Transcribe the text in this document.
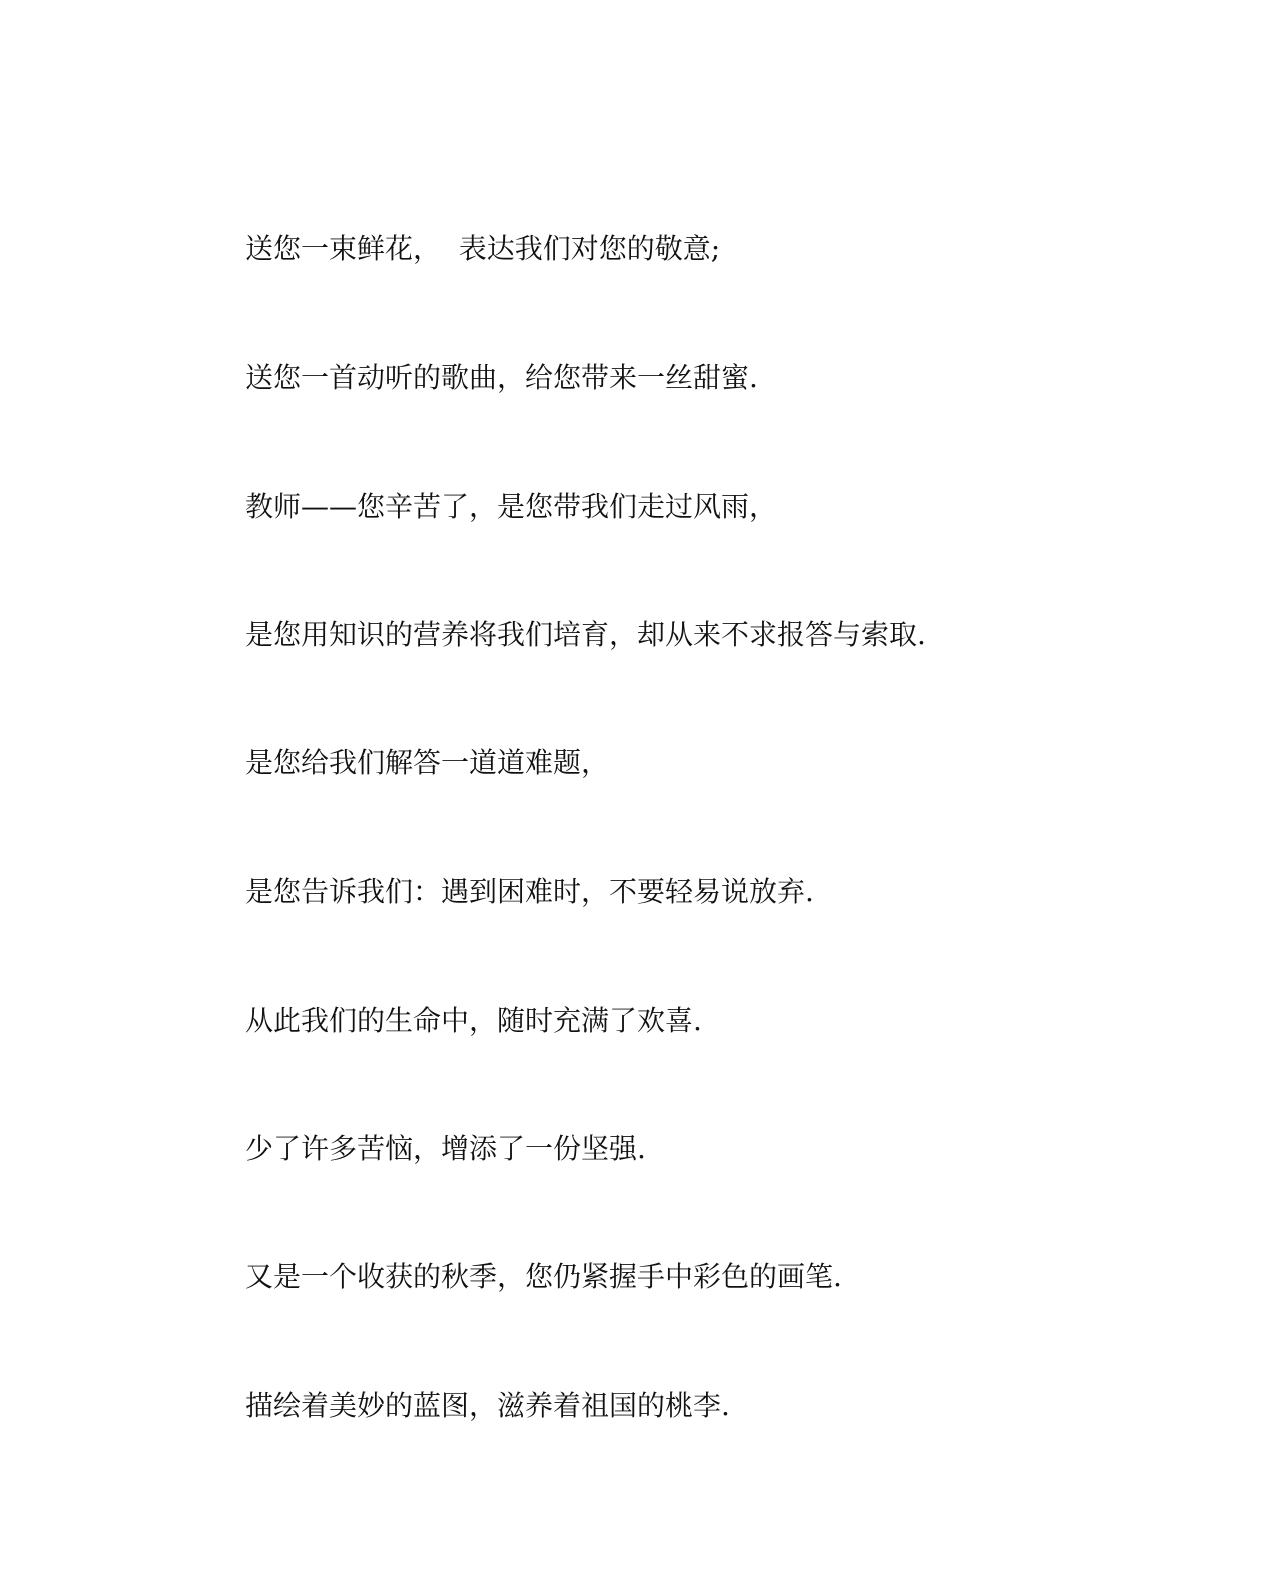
送您一束鲜花，  表达我们对您的敬意;

送您一首动听的歌曲，给您带来一丝甜蜜.

教师——您辛苦了，是您带我们走过风雨，

是您用知识的营养将我们培育，却从来不求报答与索取.

是您给我们解答一道道难题，

是您告诉我们：遇到困难时，不要轻易说放弃.

从此我们的生命中，随时充满了欢喜.

少了许多苦恼，增添了一份坚强.

又是一个收获的秋季，您仍紧握手中彩色的画笔.

描绘着美妙的蓝图，滋养着祖国的桃李.
